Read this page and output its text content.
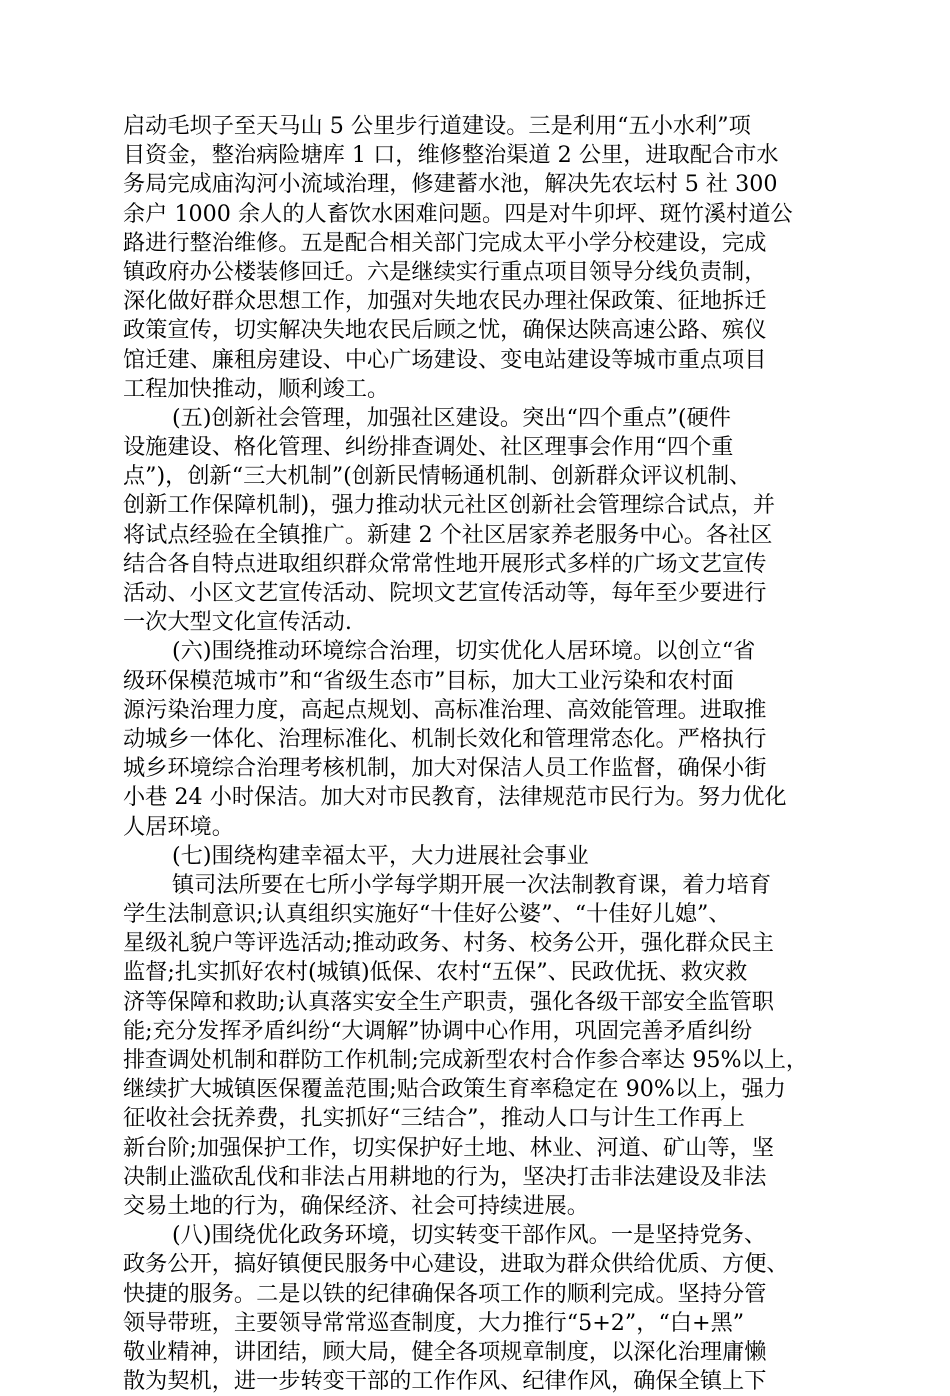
启动毛坝子至天马山 5 公里步行道建设。三是利用“五小水利”项
目资金，整治病险塘库 1 口，维修整治渠道 2 公里，进取配合市水
务局完成庙沟河小流域治理，修建蓄水池，解决先农坛村 5 社 300
余户 1000 余人的人畜饮水困难问题。四是对牛卯坪、斑竹溪村道公
路进行整治维修。五是配合相关部门完成太平小学分校建设，完成
镇政府办公楼装修回迁。六是继续实行重点项目领导分线负责制，
深化做好群众思想工作，加强对失地农民办理社保政策、征地拆迁
政策宣传，切实解决失地农民后顾之忧，确保达陕高速公路、殡仪
馆迁建、廉租房建设、中心广场建设、变电站建设等城市重点项目
工程加快推动，顺利竣工。
(五)创新社会管理，加强社区建设。突出“四个重点”(硬件
设施建设、格化管理、纠纷排查调处、社区理事会作用“四个重
点”)，创新“三大机制”(创新民情畅通机制、创新群众评议机制、
创新工作保障机制)，强力推动状元社区创新社会管理综合试点，并
将试点经验在全镇推广。新建 2 个社区居家养老服务中心。各社区
结合各自特点进取组织群众常常性地开展形式多样的广场文艺宣传
活动、小区文艺宣传活动、院坝文艺宣传活动等，每年至少要进行
一次大型文化宣传活动.
(六)围绕推动环境综合治理，切实优化人居环境。以创立“省
级环保模范城市”和“省级生态市”目标，加大工业污染和农村面
源污染治理力度，高起点规划、高标准治理、高效能管理。进取推
动城乡一体化、治理标准化、机制长效化和管理常态化。严格执行
城乡环境综合治理考核机制，加大对保洁人员工作监督，确保小街
小巷 24 小时保洁。加大对市民教育，法律规范市民行为。努力优化
人居环境。
(七)围绕构建幸福太平，大力进展社会事业
镇司法所要在七所小学每学期开展一次法制教育课，着力培育
学生法制意识;认真组织实施好“十佳好公婆”、“十佳好儿媳”、
星级礼貌户等评选活动;推动政务、村务、校务公开，强化群众民主
监督;扎实抓好农村(城镇)低保、农村“五保”、民政优抚、救灾救
济等保障和救助;认真落实安全生产职责，强化各级干部安全监管职
能;充分发挥矛盾纠纷“大调解”协调中心作用，巩固完善矛盾纠纷
排查调处机制和群防工作机制;完成新型农村合作参合率达 95%以上，
继续扩大城镇医保覆盖范围;贴合政策生育率稳定在 90%以上，强力
征收社会抚养费，扎实抓好“三结合”，推动人口与计生工作再上
新台阶;加强保护工作，切实保护好土地、林业、河道、矿山等，坚
决制止滥砍乱伐和非法占用耕地的行为，坚决打击非法建设及非法
交易土地的行为，确保经济、社会可持续进展。
(八)围绕优化政务环境，切实转变干部作风。一是坚持党务、
政务公开，搞好镇便民服务中心建设，进取为群众供给优质、方便、
快捷的服务。二是以铁的纪律确保各项工作的顺利完成。坚持分管
领导带班，主要领导常常巡查制度，大力推行“5+2”，“白+黑”
敬业精神，讲团结，顾大局，健全各项规章制度，以深化治理庸懒
散为契机，进一步转变干部的工作作风、纪律作风，确保全镇上下
